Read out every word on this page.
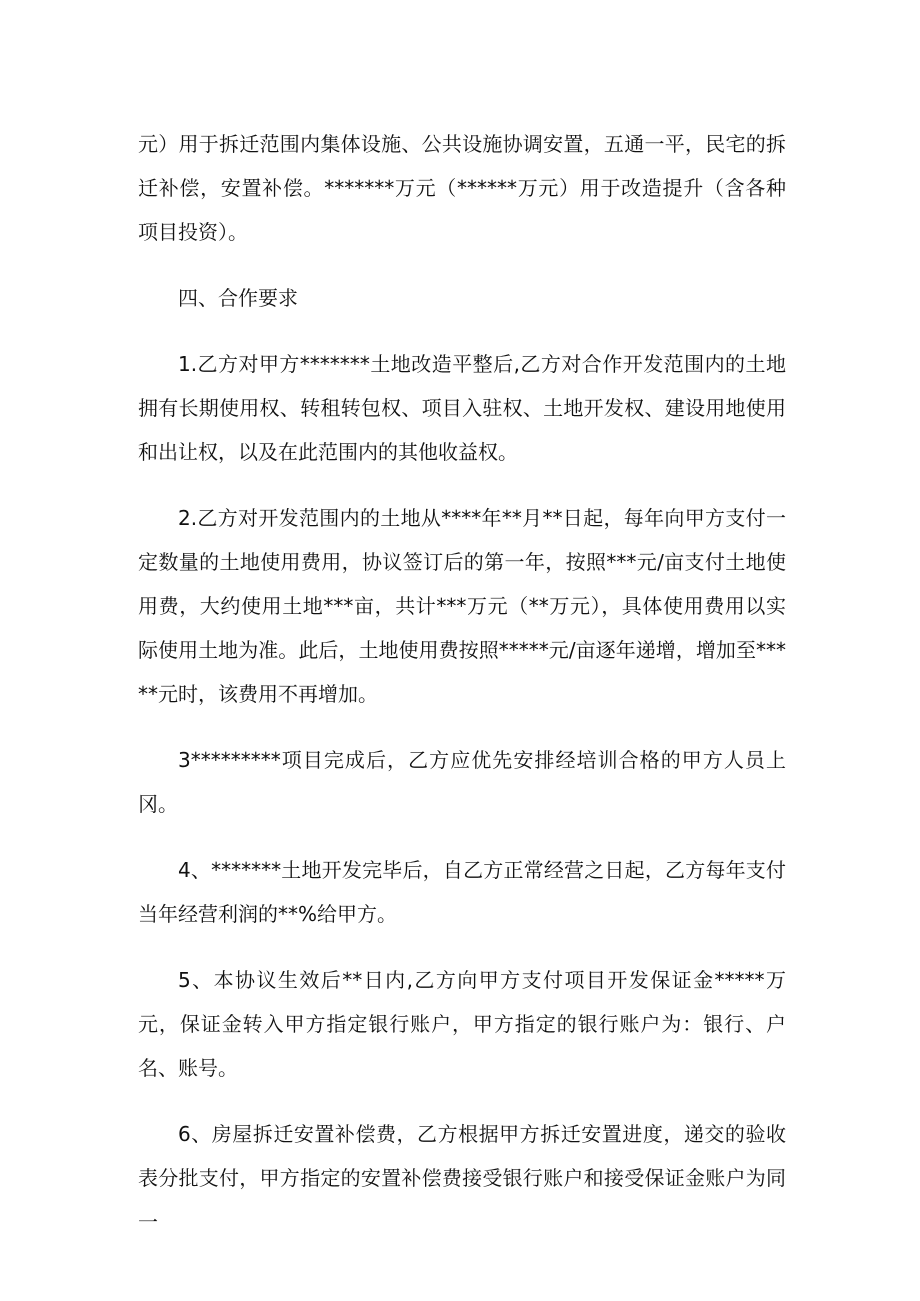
元）用于拆迁范围内集体设施、公共设施协调安置，五通一平，民宅的拆迁补偿，安置补偿。*******万元（******万元）用于改造提升（含各种项目投资）。

四、合作要求

1.乙方对甲方*******土地改造平整后,乙方对合作开发范围内的土地拥有长期使用权、转租转包权、项目入驻权、土地开发权、建设用地使用和出让权，以及在此范围内的其他收益权。

2.乙方对开发范围内的土地从****年**月**日起，每年向甲方支付一定数量的土地使用费用，协议签订后的第一年，按照***元/亩支付土地使用费，大约使用土地***亩，共计***万元（**万元），具体使用费用以实际使用土地为准。此后，土地使用费按照*****元/亩逐年递增，增加至*****元时，该费用不再增加。

3*********项目完成后，乙方应优先安排经培训合格的甲方人员上冈。

4、*******土地开发完毕后，自乙方正常经营之日起，乙方每年支付当年经营利润的**%给甲方。

5、本协议生效后**日内,乙方向甲方支付项目开发保证金*****万元，保证金转入甲方指定银行账户，甲方指定的银行账户为：银行、户名、账号。

6、房屋拆迁安置补偿费，乙方根据甲方拆迁安置进度，递交的验收表分批支付，甲方指定的安置补偿费接受银行账户和接受保证金账户为同一
